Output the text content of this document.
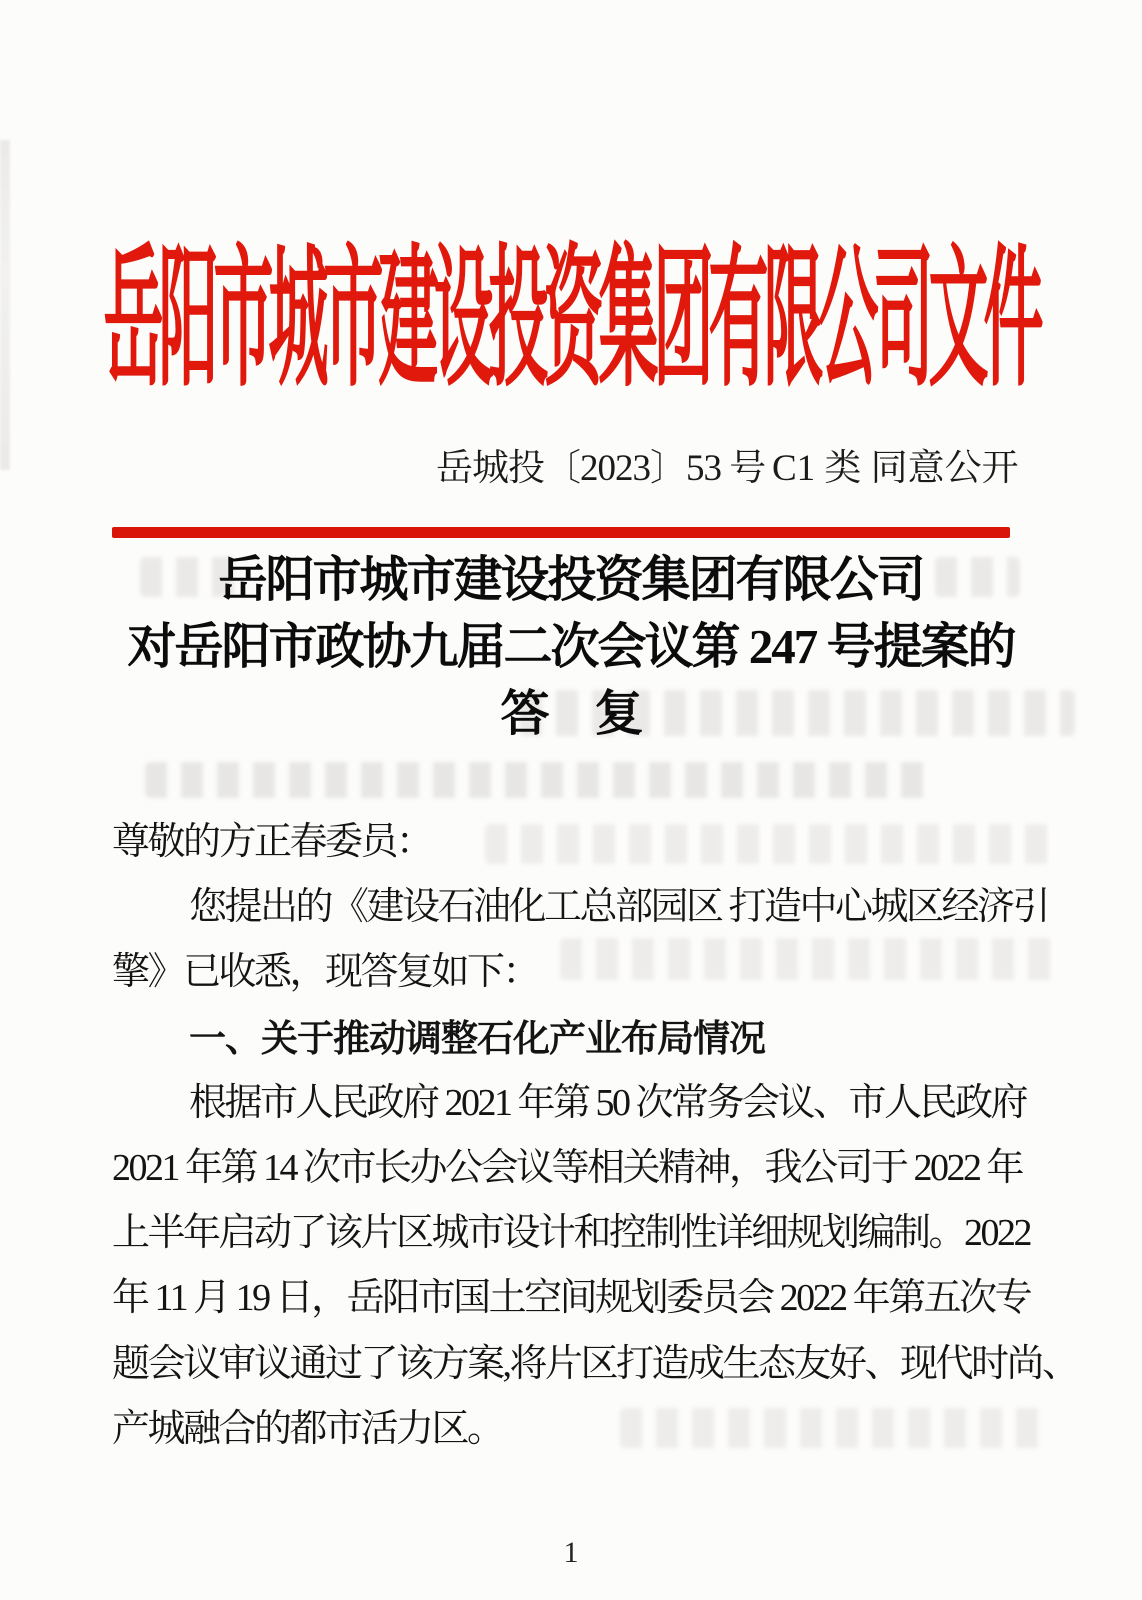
岳阳市城市建设投资集团有限公司文件
岳城投〔2023〕53 号 C1 类 同意公开
岳阳市城市建设投资集团有限公司
对岳阳市政协九届二次会议第 247 号提案的
答　复
尊敬的方正春委员：
您提出的《建设石油化工总部园区 打造中心城区经济引
擎》已收悉，现答复如下：
一、关于推动调整石化产业布局情况
根据市人民政府 2021 年第 50 次常务会议、市人民政府
2021 年第 14 次市长办公会议等相关精神，我公司于 2022 年
上半年启动了该片区城市设计和控制性详细规划编制。2022
年 11 月 19 日，岳阳市国土空间规划委员会 2022 年第五次专
题会议审议通过了该方案,将片区打造成生态友好、现代时尚、
产城融合的都市活力区。
1
